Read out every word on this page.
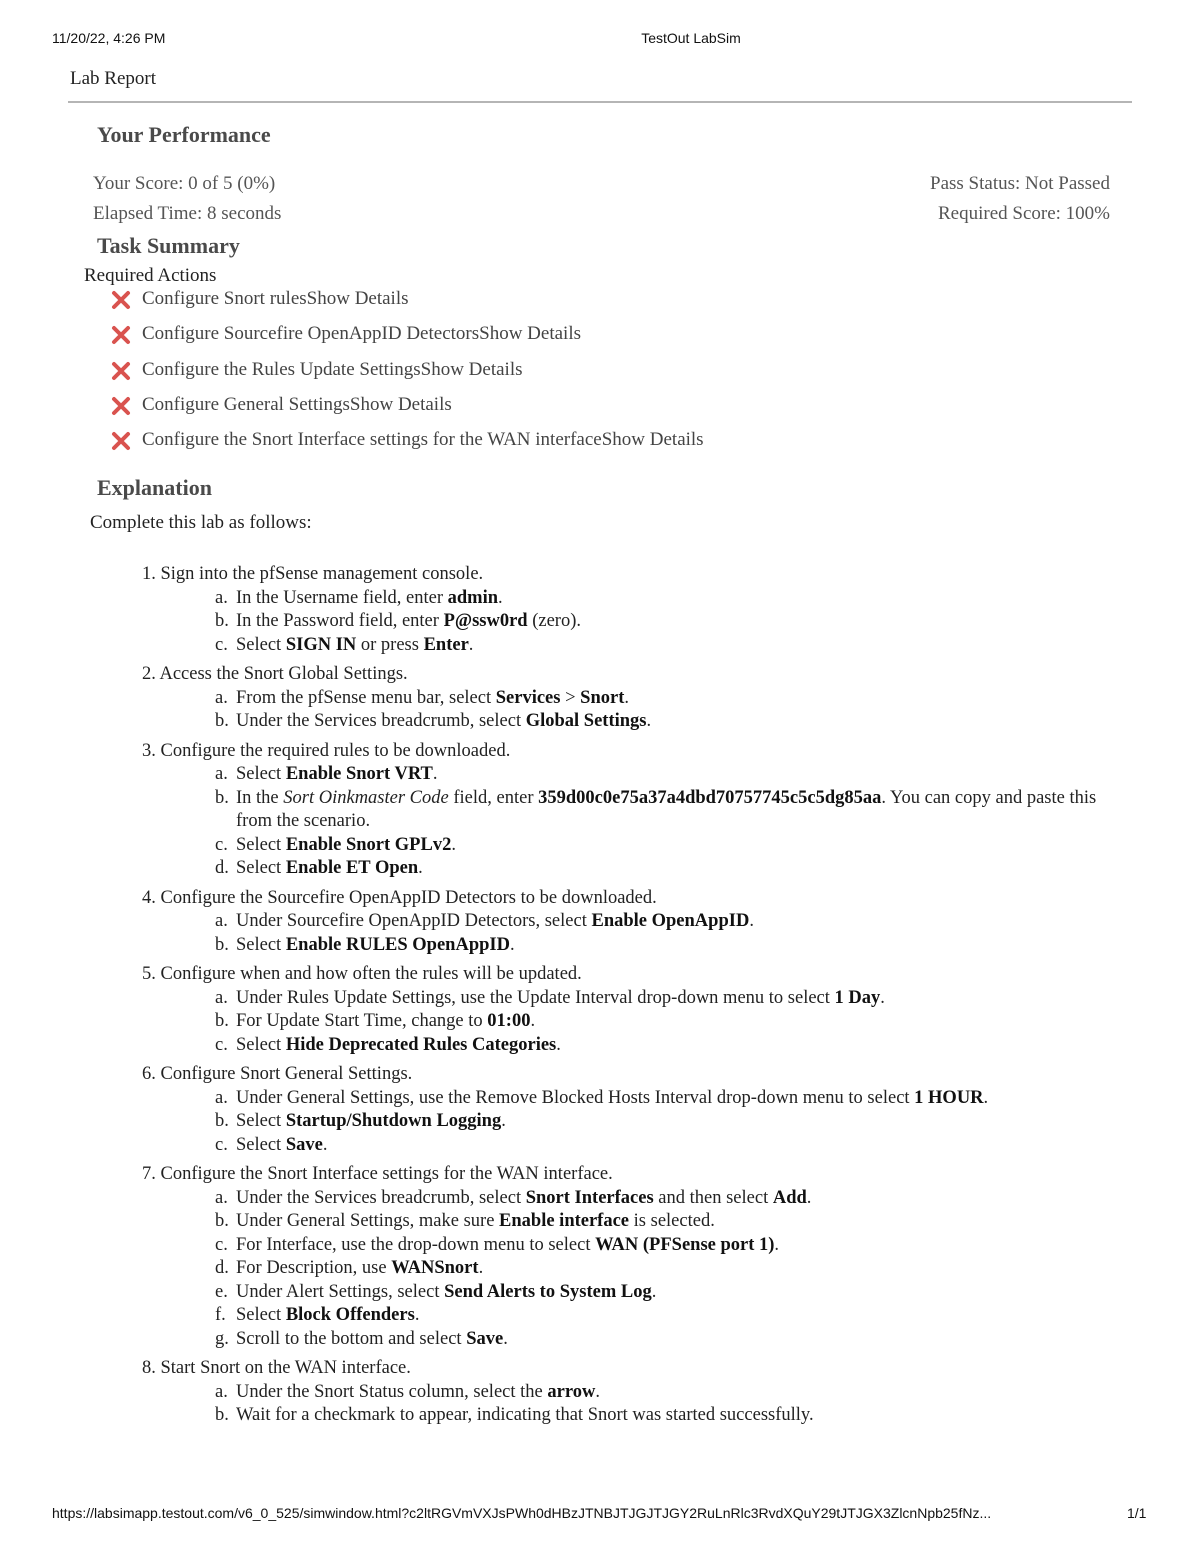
11/20/22, 4:26 PM	TestOut LabSim
Lab Report
Your Performance
Your Score: 0 of 5 (0%)
Elapsed Time: 8 seconds
Pass Status: Not Passed
Required Score: 100%
Task Summary
Required Actions
Configure Snort rules Show Details
Configure Sourcefire OpenAppID Detectors Show Details
Configure the Rules Update Settings Show Details
Configure General Settings Show Details
Configure the Snort Interface settings for the WAN interface Show Details
Explanation
Complete this lab as follows:
1. Sign into the pfSense management console.
a. In the Username field, enter admin.
b. In the Password field, enter P@ssw0rd (zero).
c. Select SIGN IN or press Enter.
2. Access the Snort Global Settings.
a. From the pfSense menu bar, select Services > Snort.
b. Under the Services breadcrumb, select Global Settings.
3. Configure the required rules to be downloaded.
a. Select Enable Snort VRT.
b. In the Sort Oinkmaster Code field, enter 359d00c0e75a37a4dbd70757745c5c5dg85aa. You can copy and paste this from the scenario.
c. Select Enable Snort GPLv2.
d. Select Enable ET Open.
4. Configure the Sourcefire OpenAppID Detectors to be downloaded.
a. Under Sourcefire OpenAppID Detectors, select Enable OpenAppID.
b. Select Enable RULES OpenAppID.
5. Configure when and how often the rules will be updated.
a. Under Rules Update Settings, use the Update Interval drop-down menu to select 1 Day.
b. For Update Start Time, change to 01:00.
c. Select Hide Deprecated Rules Categories.
6. Configure Snort General Settings.
a. Under General Settings, use the Remove Blocked Hosts Interval drop-down menu to select 1 HOUR.
b. Select Startup/Shutdown Logging.
c. Select Save.
7. Configure the Snort Interface settings for the WAN interface.
a. Under the Services breadcrumb, select Snort Interfaces and then select Add.
b. Under General Settings, make sure Enable interface is selected.
c. For Interface, use the drop-down menu to select WAN (PFSense port 1).
d. For Description, use WANSnort.
e. Under Alert Settings, select Send Alerts to System Log.
f. Select Block Offenders.
g. Scroll to the bottom and select Save.
8. Start Snort on the WAN interface.
a. Under the Snort Status column, select the arrow.
b. Wait for a checkmark to appear, indicating that Snort was started successfully.
https://labsimapp.testout.com/v6_0_525/simwindow.html?c2ltRGVmVXJsPWh0dHBzJTNBJTJGJTJGY2RuLnRlc3RvdXQuY29tJTJGX3ZlcnNpb25fNz...	1/1
